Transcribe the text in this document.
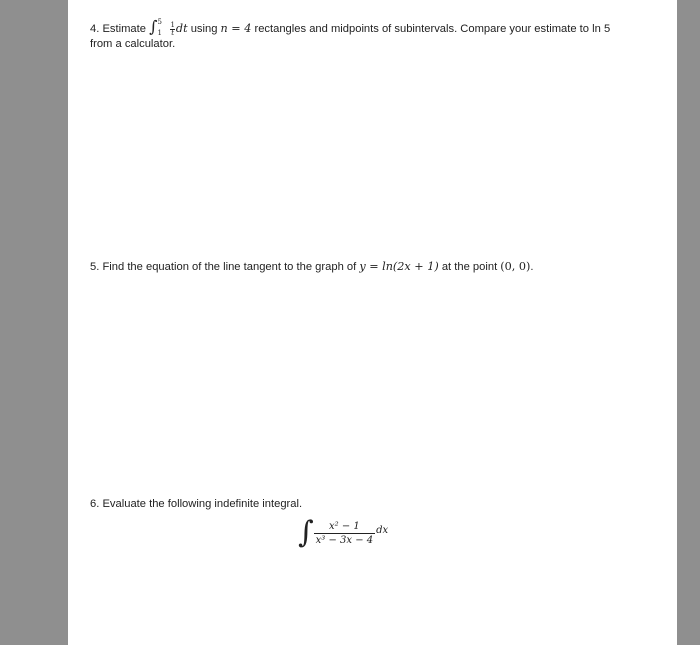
4. Estimate ∫ 5
$1 \frac{1}{t}$ dt using n = 4 rectangles and midpoints of subintervals. Compare your estimate to ln 5
from a calculator.
5. Find the equation of the line tangent to the graph of y = ln(2x + 1) at the point (0, 0).
6. Evaluate the following indefinite integral.
∫ $\frac{\text{x² − 1}}{\text{x³ − 3x − 4}} ^{dx}$
